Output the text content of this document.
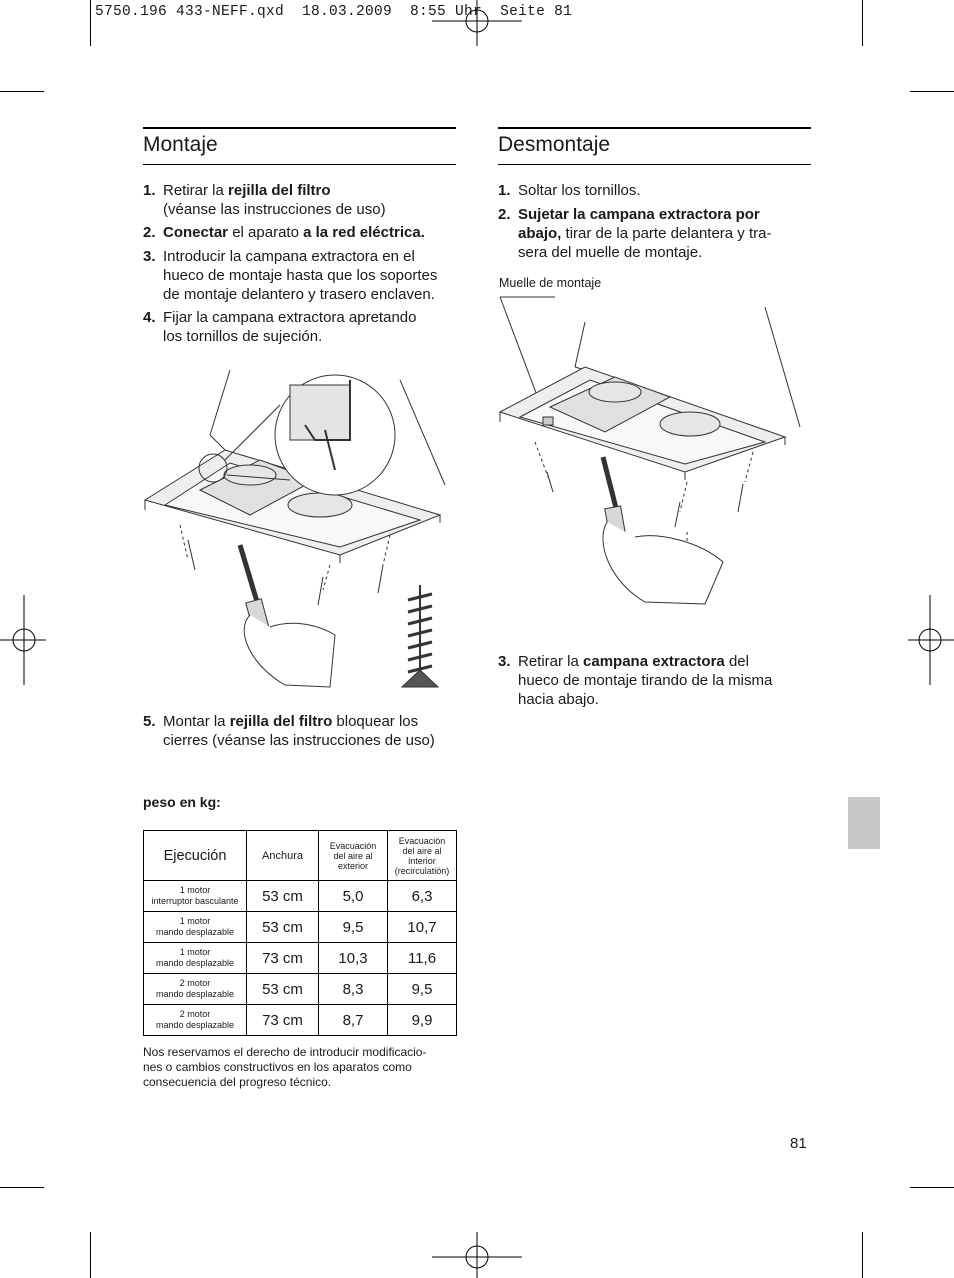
5750.196 433-NEFF.qxd  18.03.2009  8:55 Uhr  Seite 81
Montaje
1. Retirar la rejilla del filtro
(véanse las instrucciones de uso)
2. Conectar el aparato a la red eléctrica.
3. Introducir la campana extractora en el
hueco de montaje hasta que los soportes
de montaje delantero y trasero enclaven.
4. Fijar la campana extractora apretando
los tornillos de sujeción.
5. Montar la rejilla del filtro bloquear los
cierres (véanse las instrucciones de uso)
peso en kg:
Ejecución	Anchura	Evacuación
del aire al
exterior	Evacuación
del aire al
interior
(recirculatión)
1 motor
interruptor basculante	53 cm	5,0	6,3
1 motor
mando desplazable	53 cm	9,5	10,7
1 motor
mando desplazable	73 cm	10,3	11,6
2 motor
mando desplazable	53 cm	8,3	9,5
2 motor
mando desplazable	73 cm	8,7	9,9
Nos reservamos el derecho de introducir modificacio-
nes o cambios constructivos en los aparatos como
consecuencia del progreso técnico.
Desmontaje
1. Soltar los tornillos.
2. Sujetar la campana extractora por
abajo, tirar de la parte delantera y tra-
sera del muelle de montaje.
Muelle de montaje
3. Retirar la campana extractora del
hueco de montaje tirando de la misma
hacia abajo.
81
